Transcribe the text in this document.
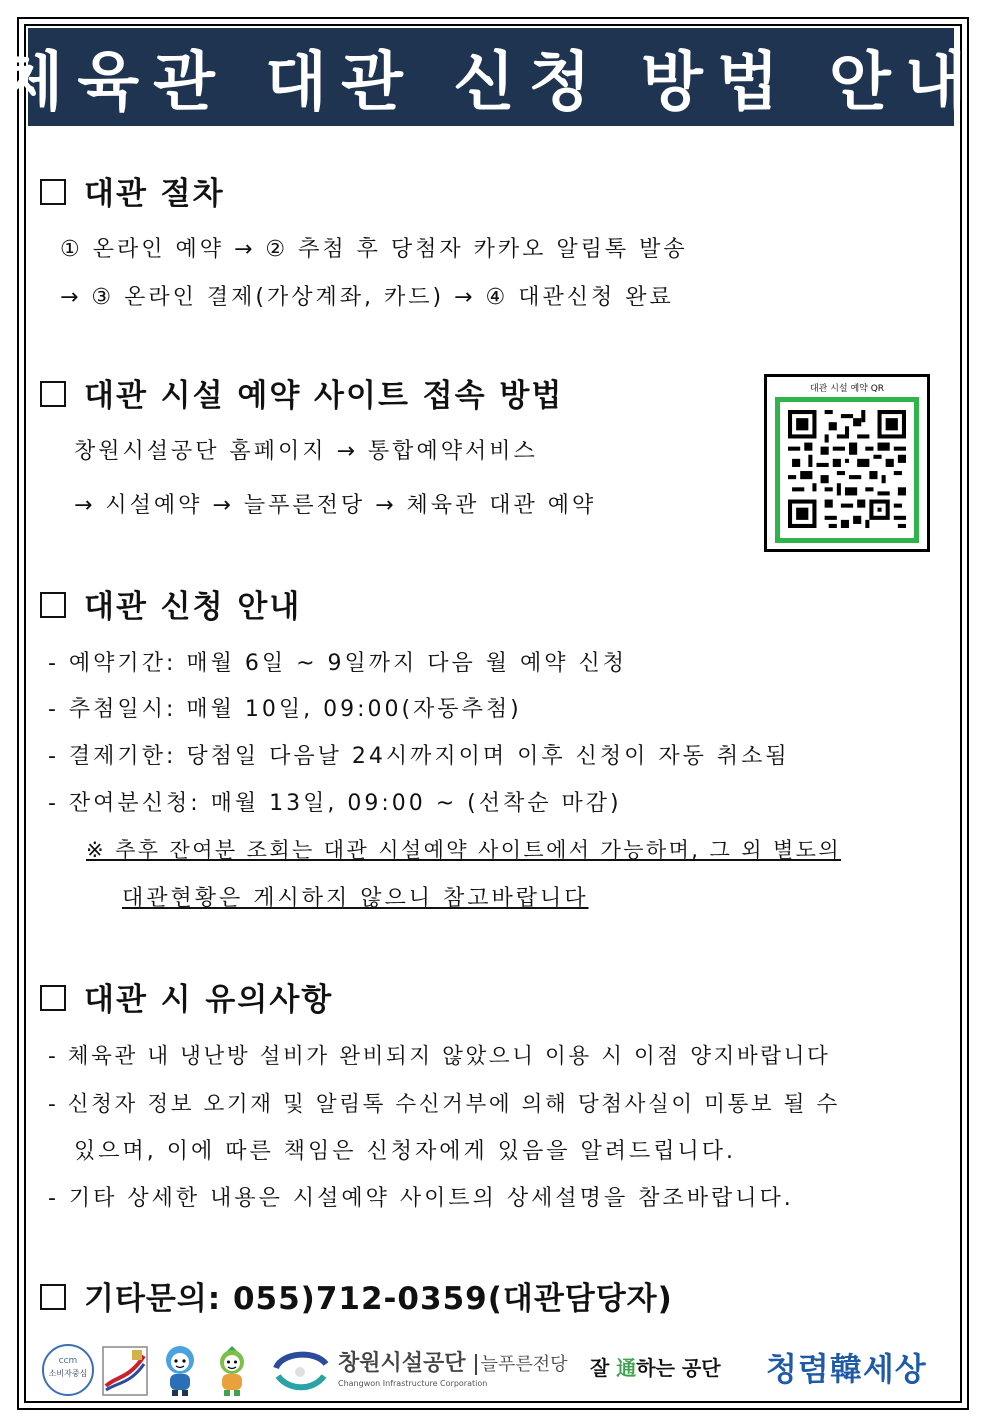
체육관 대관 신청 방법 안내
대관 절차
① 온라인 예약 → ② 추첨 후 당첨자 카카오 알림톡 발송
→ ③ 온라인 결제(가상계좌, 카드) → ④ 대관신청 완료
대관 시설 예약 사이트 접속 방법
창원시설공단 홈페이지 → 통합예약서비스
→ 시설예약 → 늘푸른전당 → 체육관 대관 예약
대관 시설 예약 QR
대관 신청 안내
- 예약기간: 매월 6일 ~ 9일까지 다음 월 예약 신청
- 추첨일시: 매월 10일, 09:00(자동추첨)
- 결제기한: 당첨일 다음날 24시까지이며 이후 신청이 자동 취소됨
- 잔여분신청: 매월 13일, 09:00 ~ (선착순 마감)
※ 추후 잔여분 조회는 대관 시설예약 사이트에서 가능하며, 그 외 별도의
대관현황은 게시하지 않으니 참고바랍니다
대관 시 유의사항
- 체육관 내 냉난방 설비가 완비되지 않았으니 이용 시 이점 양지바랍니다
- 신청자 정보 오기재 및 알림톡 수신거부에 의해 당첨사실이 미통보 될 수
있으며, 이에 따른 책임은 신청자에게 있음을 알려드립니다.
- 기타 상세한 내용은 시설예약 사이트의 상세설명을 참조바랍니다.
기타문의: 055)712-0359(대관담당자)
ccm
소비자중심	창원시설공단 늘푸른전당
Changwon Infrastructure Corporation
잘 通하는 공단 청렴韓세상
